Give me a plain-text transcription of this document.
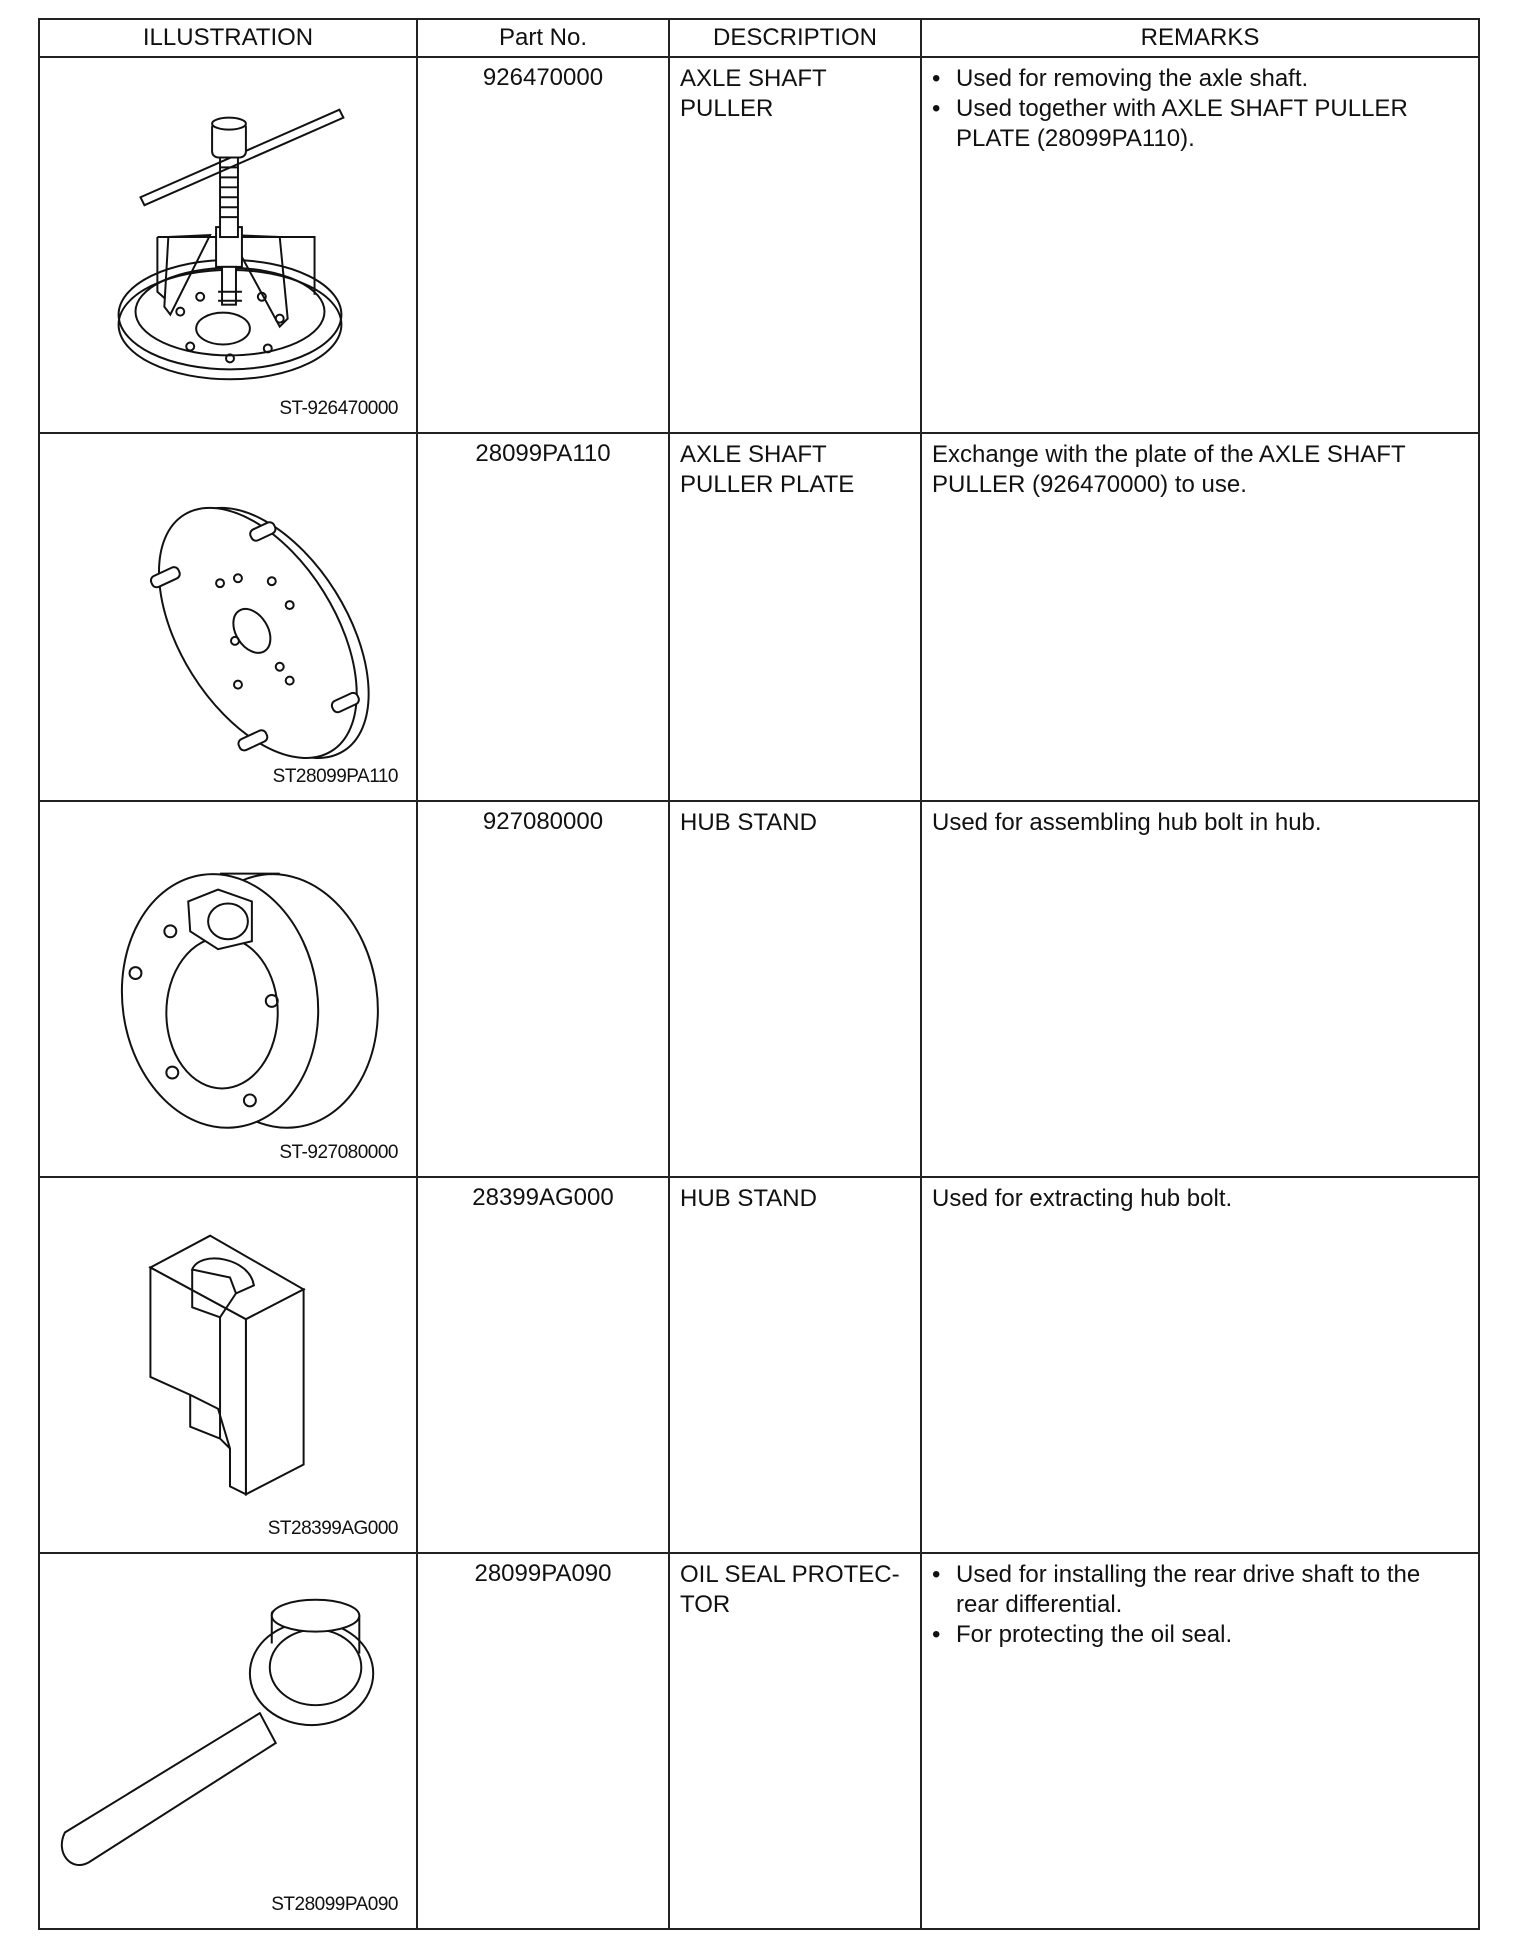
ILLUSTRATION	Part No.	DESCRIPTION	REMARKS

ST-926470000	926470000	AXLE SHAFT PULLER	• Used for removing the axle shaft.
• Used together with AXLE SHAFT PULLER PLATE (28099PA110).

ST28099PA110	28099PA110	AXLE SHAFT PULLER PLATE	Exchange with the plate of the AXLE SHAFT PULLER (926470000) to use.

ST-927080000	927080000	HUB STAND	Used for assembling hub bolt in hub.

ST28399AG000	28399AG000	HUB STAND	Used for extracting hub bolt.

ST28099PA090	28099PA090	OIL SEAL PROTEC-TOR	• Used for installing the rear drive shaft to the rear differential.
• For protecting the oil seal.
